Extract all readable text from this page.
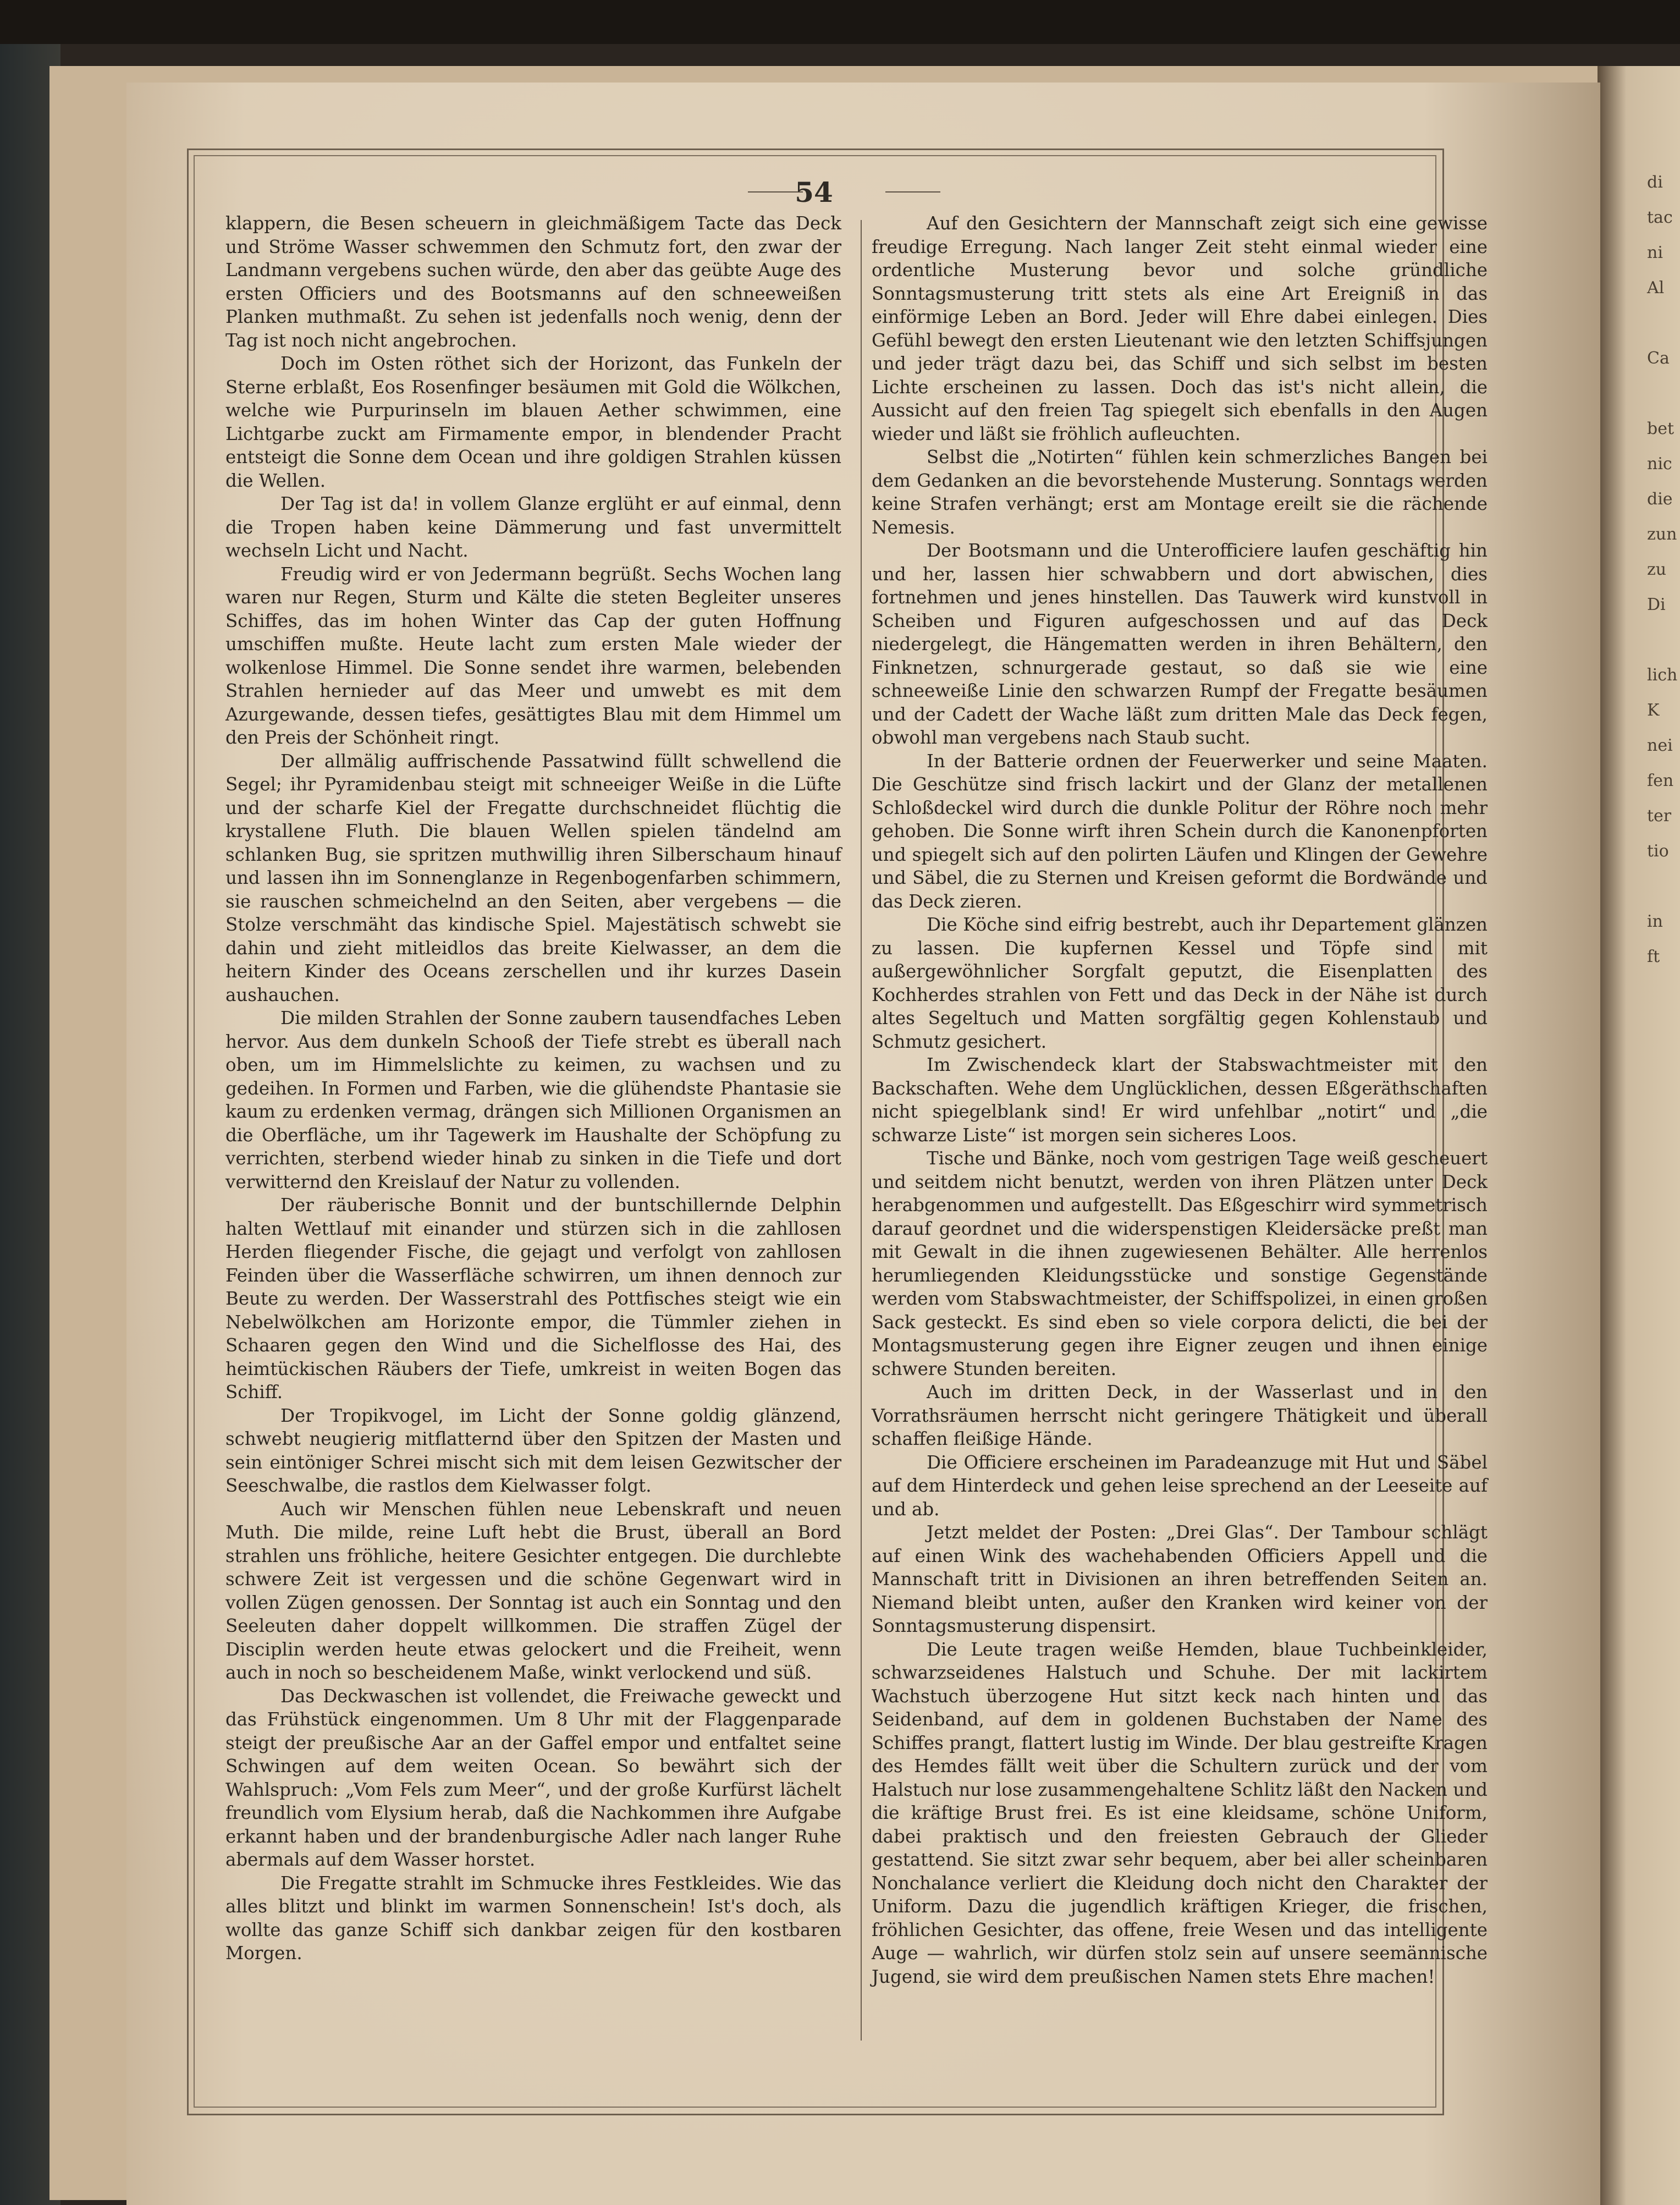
di
tac
ni
Al

Ca

bet
nic
die
zun
zu
Di

lich
K
nei
fen
ter
tio

in
ft
54

klappern, die Besen scheuern in gleichmäßigem Tacte das Deck und Ströme Wasser schwemmen den Schmutz fort, den zwar der Landmann vergebens suchen würde, den aber das geübte Auge des ersten Officiers und des Bootsmanns auf den schneeweißen Planken muthmaßt. Zu sehen ist jedenfalls noch wenig, denn der Tag ist noch nicht angebrochen.

Doch im Osten röthet sich der Horizont, das Funkeln der Sterne erblaßt, Eos Rosenfinger besäumen mit Gold die Wölkchen, welche wie Purpurinseln im blauen Aether schwimmen, eine Lichtgarbe zuckt am Firmamente empor, in blendender Pracht entsteigt die Sonne dem Ocean und ihre goldigen Strahlen küssen die Wellen.

Der Tag ist da! in vollem Glanze erglüht er auf einmal, denn die Tropen haben keine Dämmerung und fast unvermittelt wechseln Licht und Nacht.

Freudig wird er von Jedermann begrüßt. Sechs Wochen lang waren nur Regen, Sturm und Kälte die steten Begleiter unseres Schiffes, das im hohen Winter das Cap der guten Hoffnung umschiffen mußte. Heute lacht zum ersten Male wieder der wolkenlose Himmel. Die Sonne sendet ihre warmen, belebenden Strahlen hernieder auf das Meer und umwebt es mit dem Azurgewande, dessen tiefes, gesättigtes Blau mit dem Himmel um den Preis der Schönheit ringt.

Der allmälig auffrischende Passatwind füllt schwellend die Segel; ihr Pyramidenbau steigt mit schneeiger Weiße in die Lüfte und der scharfe Kiel der Fregatte durchschneidet flüchtig die krystallene Fluth. Die blauen Wellen spielen tändelnd am schlanken Bug, sie spritzen muthwillig ihren Silberschaum hinauf und lassen ihn im Sonnenglanze in Regenbogenfarben schimmern, sie rauschen schmeichelnd an den Seiten, aber vergebens — die Stolze verschmäht das kindische Spiel. Majestätisch schwebt sie dahin und zieht mitleidlos das breite Kielwasser, an dem die heitern Kinder des Oceans zerschellen und ihr kurzes Dasein aushauchen.

Die milden Strahlen der Sonne zaubern tausendfaches Leben hervor. Aus dem dunkeln Schooß der Tiefe strebt es überall nach oben, um im Himmelslichte zu keimen, zu wachsen und zu gedeihen. In Formen und Farben, wie die glühendste Phantasie sie kaum zu erdenken vermag, drängen sich Millionen Organismen an die Oberfläche, um ihr Tagewerk im Haushalte der Schöpfung zu verrichten, sterbend wieder hinab zu sinken in die Tiefe und dort verwitternd den Kreislauf der Natur zu vollenden.

Der räuberische Bonnit und der buntschillernde Delphin halten Wettlauf mit einander und stürzen sich in die zahllosen Herden fliegender Fische, die gejagt und verfolgt von zahllosen Feinden über die Wasserfläche schwirren, um ihnen dennoch zur Beute zu werden. Der Wasserstrahl des Pottfisches steigt wie ein Nebelwölkchen am Horizonte empor, die Tümmler ziehen in Schaaren gegen den Wind und die Sichelflosse des Hai, des heimtückischen Räubers der Tiefe, umkreist in weiten Bogen das Schiff.

Der Tropikvogel, im Licht der Sonne goldig glänzend, schwebt neugierig mitflatternd über den Spitzen der Masten und sein eintöniger Schrei mischt sich mit dem leisen Gezwitscher der Seeschwalbe, die rastlos dem Kielwasser folgt.

Auch wir Menschen fühlen neue Lebenskraft und neuen Muth. Die milde, reine Luft hebt die Brust, überall an Bord strahlen uns fröhliche, heitere Gesichter entgegen. Die durchlebte schwere Zeit ist vergessen und die schöne Gegenwart wird in vollen Zügen genossen. Der Sonntag ist auch ein Sonntag und den Seeleuten daher doppelt willkommen. Die straffen Zügel der Disciplin werden heute etwas gelockert und die Freiheit, wenn auch in noch so bescheidenem Maße, winkt verlockend und süß.

Das Deckwaschen ist vollendet, die Freiwache geweckt und das Frühstück eingenommen. Um 8 Uhr mit der Flaggenparade steigt der preußische Aar an der Gaffel empor und entfaltet seine Schwingen auf dem weiten Ocean. So bewährt sich der Wahlspruch: „Vom Fels zum Meer“, und der große Kurfürst lächelt freundlich vom Elysium herab, daß die Nachkommen ihre Aufgabe erkannt haben und der brandenburgische Adler nach langer Ruhe abermals auf dem Wasser horstet.

Die Fregatte strahlt im Schmucke ihres Festkleides. Wie das alles blitzt und blinkt im warmen Sonnenschein! Ist's doch, als wollte das ganze Schiff sich dankbar zeigen für den kostbaren Morgen.

Auf den Gesichtern der Mannschaft zeigt sich eine gewisse freudige Erregung. Nach langer Zeit steht einmal wieder eine ordentliche Musterung bevor und solche gründliche Sonntagsmusterung tritt stets als eine Art Ereigniß in das einförmige Leben an Bord. Jeder will Ehre dabei einlegen. Dies Gefühl bewegt den ersten Lieutenant wie den letzten Schiffsjungen und jeder trägt dazu bei, das Schiff und sich selbst im besten Lichte erscheinen zu lassen. Doch das ist's nicht allein, die Aussicht auf den freien Tag spiegelt sich ebenfalls in den Augen wieder und läßt sie fröhlich aufleuchten.

Selbst die „Notirten“ fühlen kein schmerzliches Bangen bei dem Gedanken an die bevorstehende Musterung. Sonntags werden keine Strafen verhängt; erst am Montage ereilt sie die rächende Nemesis.

Der Bootsmann und die Unterofficiere laufen geschäftig hin und her, lassen hier schwabbern und dort abwischen, dies fortnehmen und jenes hinstellen. Das Tauwerk wird kunstvoll in Scheiben und Figuren aufgeschossen und auf das Deck niedergelegt, die Hängematten werden in ihren Behältern, den Finknetzen, schnurgerade gestaut, so daß sie wie eine schneeweiße Linie den schwarzen Rumpf der Fregatte besäumen und der Cadett der Wache läßt zum dritten Male das Deck fegen, obwohl man vergebens nach Staub sucht.

In der Batterie ordnen der Feuerwerker und seine Maaten. Die Geschütze sind frisch lackirt und der Glanz der metallenen Schloßdeckel wird durch die dunkle Politur der Röhre noch mehr gehoben. Die Sonne wirft ihren Schein durch die Kanonenpforten und spiegelt sich auf den polirten Läufen und Klingen der Gewehre und Säbel, die zu Sternen und Kreisen geformt die Bordwände und das Deck zieren.

Die Köche sind eifrig bestrebt, auch ihr Departement glänzen zu lassen. Die kupfernen Kessel und Töpfe sind mit außergewöhnlicher Sorgfalt geputzt, die Eisenplatten des Kochherdes strahlen von Fett und das Deck in der Nähe ist durch altes Segeltuch und Matten sorgfältig gegen Kohlenstaub und Schmutz gesichert.

Im Zwischendeck klart der Stabswachtmeister mit den Backschaften. Wehe dem Unglücklichen, dessen Eßgeräthschaften nicht spiegelblank sind! Er wird unfehlbar „notirt“ und „die schwarze Liste“ ist morgen sein sicheres Loos.

Tische und Bänke, noch vom gestrigen Tage weiß gescheuert und seitdem nicht benutzt, werden von ihren Plätzen unter Deck herabgenommen und aufgestellt. Das Eßgeschirr wird symmetrisch darauf geordnet und die widerspenstigen Kleidersäcke preßt man mit Gewalt in die ihnen zugewiesenen Behälter. Alle herrenlos herumliegenden Kleidungsstücke und sonstige Gegenstände werden vom Stabswachtmeister, der Schiffspolizei, in einen großen Sack gesteckt. Es sind eben so viele corpora delicti, die bei der Montagsmusterung gegen ihre Eigner zeugen und ihnen einige schwere Stunden bereiten.

Auch im dritten Deck, in der Wasserlast und in den Vorrathsräumen herrscht nicht geringere Thätigkeit und überall schaffen fleißige Hände.

Die Officiere erscheinen im Paradeanzuge mit Hut und Säbel auf dem Hinterdeck und gehen leise sprechend an der Leeseite auf und ab.

Jetzt meldet der Posten: „Drei Glas“. Der Tambour schlägt auf einen Wink des wachehabenden Officiers Appell und die Mannschaft tritt in Divisionen an ihren betreffenden Seiten an. Niemand bleibt unten, außer den Kranken wird keiner von der Sonntagsmusterung dispensirt.

Die Leute tragen weiße Hemden, blaue Tuchbeinkleider, schwarzseidenes Halstuch und Schuhe. Der mit lackirtem Wachstuch überzogene Hut sitzt keck nach hinten und das Seidenband, auf dem in goldenen Buchstaben der Name des Schiffes prangt, flattert lustig im Winde. Der blau gestreifte Kragen des Hemdes fällt weit über die Schultern zurück und der vom Halstuch nur lose zusammengehaltene Schlitz läßt den Nacken und die kräftige Brust frei. Es ist eine kleidsame, schöne Uniform, dabei praktisch und den freiesten Gebrauch der Glieder gestattend. Sie sitzt zwar sehr bequem, aber bei aller scheinbaren Nonchalance verliert die Kleidung doch nicht den Charakter der Uniform. Dazu die jugendlich kräftigen Krieger, die frischen, fröhlichen Gesichter, das offene, freie Wesen und das intelligente Auge — wahrlich, wir dürfen stolz sein auf unsere seemännische Jugend, sie wird dem preußischen Namen stets Ehre machen!
